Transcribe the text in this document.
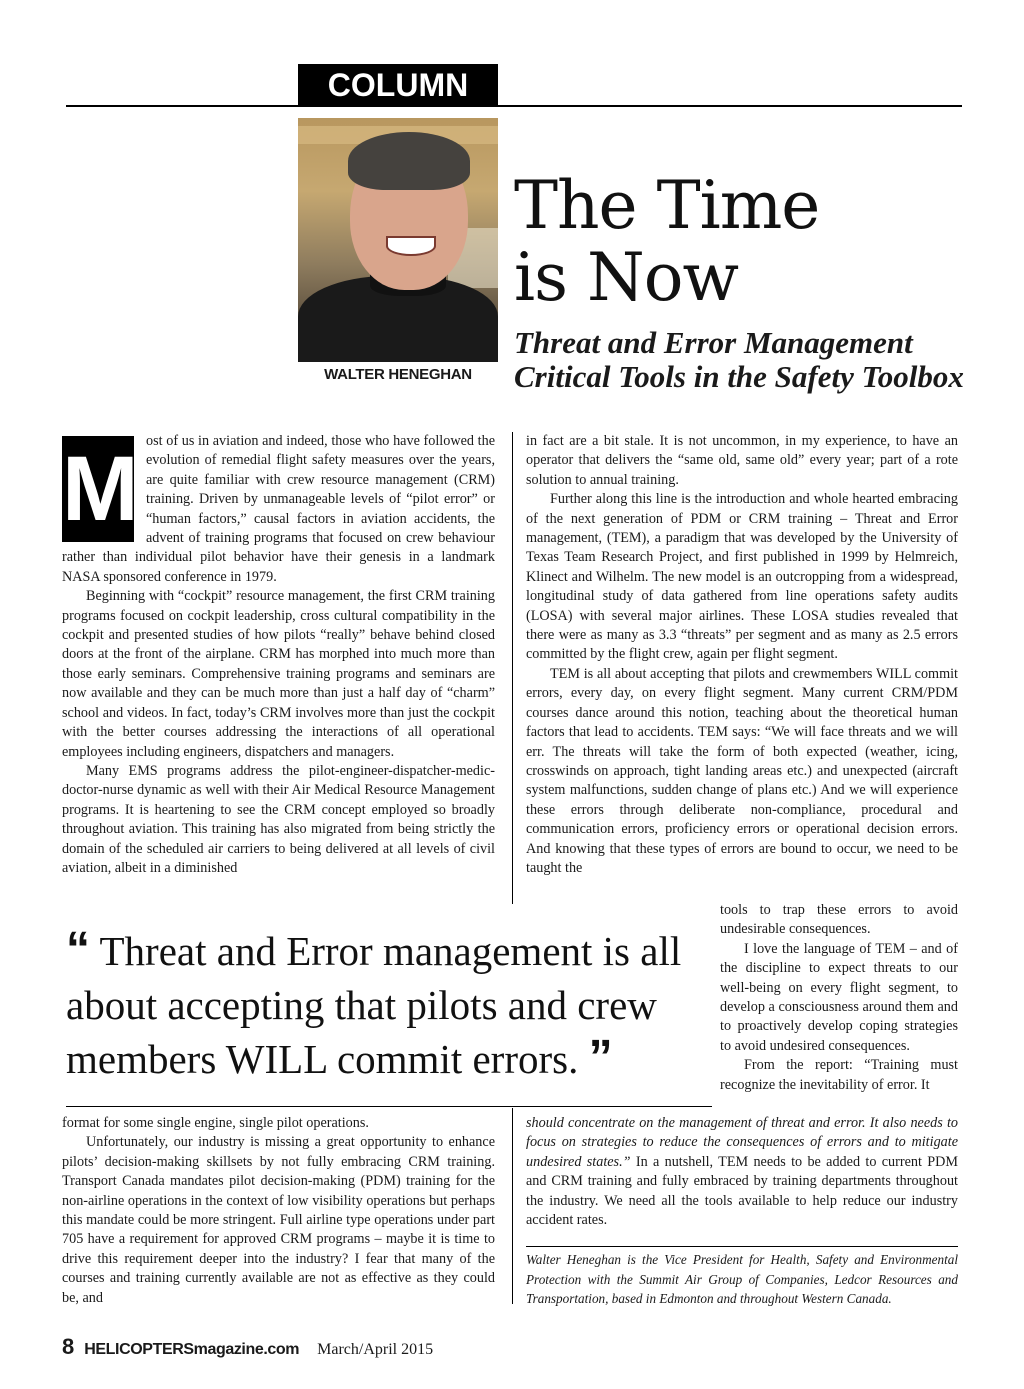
COLUMN
WALTER HENEGHAN
The Time
is Now
Threat and Error Management
Critical Tools in the Safety Toolbox
M ost of us in aviation and indeed, those who have followed the evolution of remedial flight safety measures over the years, are quite familiar with crew resource management (CRM) training. Driven by unmanageable levels of “pilot error” or “human factors,” causal factors in aviation accidents, the advent of training programs that focused on crew behaviour rather than individual pilot behavior have their genesis in a landmark NASA sponsored conference in 1979.

Beginning with “cockpit” resource management, the first CRM training programs focused on cockpit leadership, cross cultural compatibility in the cockpit and presented studies of how pilots “really” behave behind closed doors at the front of the airplane. CRM has morphed into much more than those early seminars. Comprehensive training programs and seminars are now available and they can be much more than just a half day of “charm” school and videos. In fact, today’s CRM involves more than just the cockpit with the better courses addressing the interactions of all operational employees including engineers, dispatchers and managers.

Many EMS programs address the pilot-engineer-dispatcher-medic-doctor-nurse dynamic as well with their Air Medical Resource Management programs. It is heartening to see the CRM concept employed so broadly throughout aviation. This training has also migrated from being strictly the domain of the scheduled air carriers to being delivered at all levels of civil aviation, albeit in a diminished

in fact are a bit stale. It is not uncommon, in my experience, to have an operator that delivers the “same old, same old” every year; part of a rote solution to annual training.

Further along this line is the introduction and whole hearted embracing of the next generation of PDM or CRM training – Threat and Error management, (TEM), a paradigm that was developed by the University of Texas Team Research Project, and first published in 1999 by Helmreich, Klinect and Wilhelm. The new model is an outcropping from a widespread, longitudinal study of data gathered from line operations safety audits (LOSA) with several major airlines. These LOSA studies revealed that there were as many as 3.3 “threats” per segment and as many as 2.5 errors committed by the flight crew, again per flight segment.

TEM is all about accepting that pilots and crewmembers WILL commit errors, every day, on every flight segment. Many current CRM/PDM courses dance around this notion, teaching about the theoretical human factors that lead to accidents. TEM says: “We will face threats and we will err. The threats will take the form of both expected (weather, icing, crosswinds on approach, tight landing areas etc.) and unexpected (aircraft system malfunctions, sudden change of plans etc.) And we will experience these errors through deliberate non-compliance, procedural and communication errors, proficiency errors or operational decision errors. And knowing that these types of errors are bound to occur, we need to be taught the

tools to trap these errors to avoid undesirable consequences.

I love the language of TEM – and of the discipline to expect threats to our well-being on every flight segment, to develop a consciousness around them and to proactively develop coping strategies to avoid undesired consequences.

From the report: “Training must recognize the inevitability of error. It

“ Threat and Error management is all about accepting that pilots and crew members WILL commit errors. ”

format for some single engine, single pilot operations.

Unfortunately, our industry is missing a great opportunity to enhance pilots’ decision-making skillsets by not fully embracing CRM training. Transport Canada mandates pilot decision-making (PDM) training for the non-airline operations in the context of low visibility operations but perhaps this mandate could be more stringent. Full airline type operations under part 705 have a requirement for approved CRM programs – maybe it is time to drive this requirement deeper into the industry? I fear that many of the courses and training currently available are not as effective as they could be, and

should concentrate on the management of threat and error. It also needs to focus on strategies to reduce the consequences of errors and to mitigate undesired states.” In a nutshell, TEM needs to be added to current PDM and CRM training and fully embraced by training departments throughout the industry. We need all the tools available to help reduce our industry accident rates.

Walter Heneghan is the Vice President for Health, Safety and Environmental Protection with the Summit Air Group of Companies, Ledcor Resources and Transportation, based in Edmonton and throughout Western Canada.
8 HELICOPTERSmagazine.com March/April 2015
